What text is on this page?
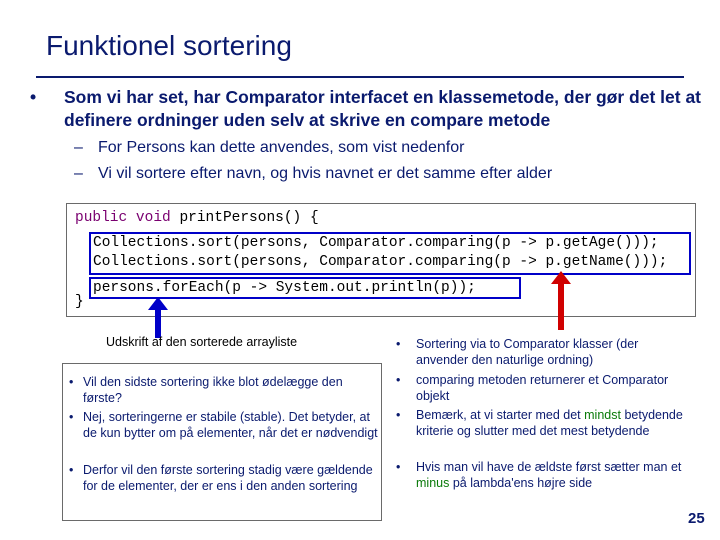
Funktionel sortering
• Som vi har set, har Comparator interfacet en klassemetode, der gør det let at definere ordninger uden selv at skrive en compare metode
– For Persons kan dette anvendes, som vist nedenfor
– Vi vil sortere efter navn, og hvis navnet er det samme efter alder
public void printPersons() {
Collections.sort(persons, Comparator.comparing(p -> p.getAge()));
Collections.sort(persons, Comparator.comparing(p -> p.getName()));
persons.forEach(p -> System.out.println(p));
}
Udskrift af den sorterede arrayliste
• Vil den sidste sortering ikke blot ødelægge den første?
• Nej, sorteringerne er stabile (stable). Det betyder, at de kun bytter om på elementer, når det er nødvendigt
• Derfor vil den første sortering stadig være gældende for de elementer, der er ens i den anden sortering
• Sortering via to Comparator klasser (der anvender den naturlige ordning)
• comparing metoden returnerer et Comparator objekt
• Bemærk, at vi starter med det mindst betydende kriterie og slutter med det mest betydende
• Hvis man vil have de ældste først sætter man et minus på lambda'ens højre side
25
